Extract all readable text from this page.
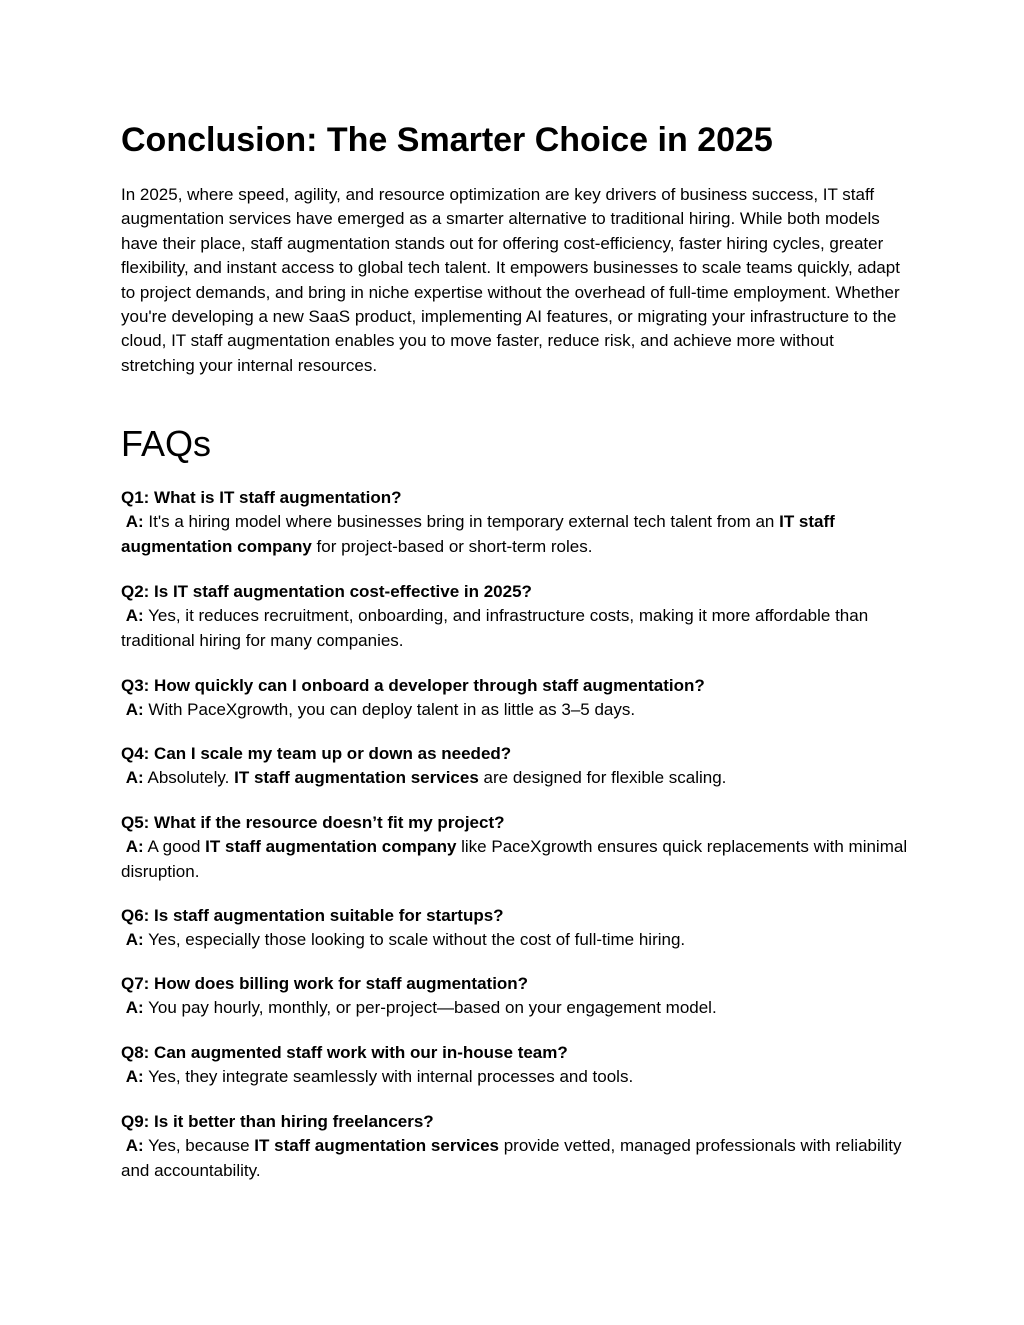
Conclusion: The Smarter Choice in 2025

In 2025, where speed, agility, and resource optimization are key drivers of business success, IT staff augmentation services have emerged as a smarter alternative to traditional hiring. While both models have their place, staff augmentation stands out for offering cost-efficiency, faster hiring cycles, greater flexibility, and instant access to global tech talent. It empowers businesses to scale teams quickly, adapt to project demands, and bring in niche expertise without the overhead of full-time employment. Whether you're developing a new SaaS product, implementing AI features, or migrating your infrastructure to the cloud, IT staff augmentation enables you to move faster, reduce risk, and achieve more without stretching your internal resources.

FAQs
Q1: What is IT staff augmentation?
A: It's a hiring model where businesses bring in temporary external tech talent from an IT staff augmentation company for project-based or short-term roles.
Q2: Is IT staff augmentation cost-effective in 2025?
A: Yes, it reduces recruitment, onboarding, and infrastructure costs, making it more affordable than traditional hiring for many companies.
Q3: How quickly can I onboard a developer through staff augmentation?
A: With PaceXgrowth, you can deploy talent in as little as 3–5 days.
Q4: Can I scale my team up or down as needed?
A: Absolutely. IT staff augmentation services are designed for flexible scaling.
Q5: What if the resource doesn’t fit my project?
A: A good IT staff augmentation company like PaceXgrowth ensures quick replacements with minimal disruption.
Q6: Is staff augmentation suitable for startups?
A: Yes, especially those looking to scale without the cost of full-time hiring.
Q7: How does billing work for staff augmentation?
A: You pay hourly, monthly, or per-project—based on your engagement model.
Q8: Can augmented staff work with our in-house team?
A: Yes, they integrate seamlessly with internal processes and tools.
Q9: Is it better than hiring freelancers?
A: Yes, because IT staff augmentation services provide vetted, managed professionals with reliability and accountability.
